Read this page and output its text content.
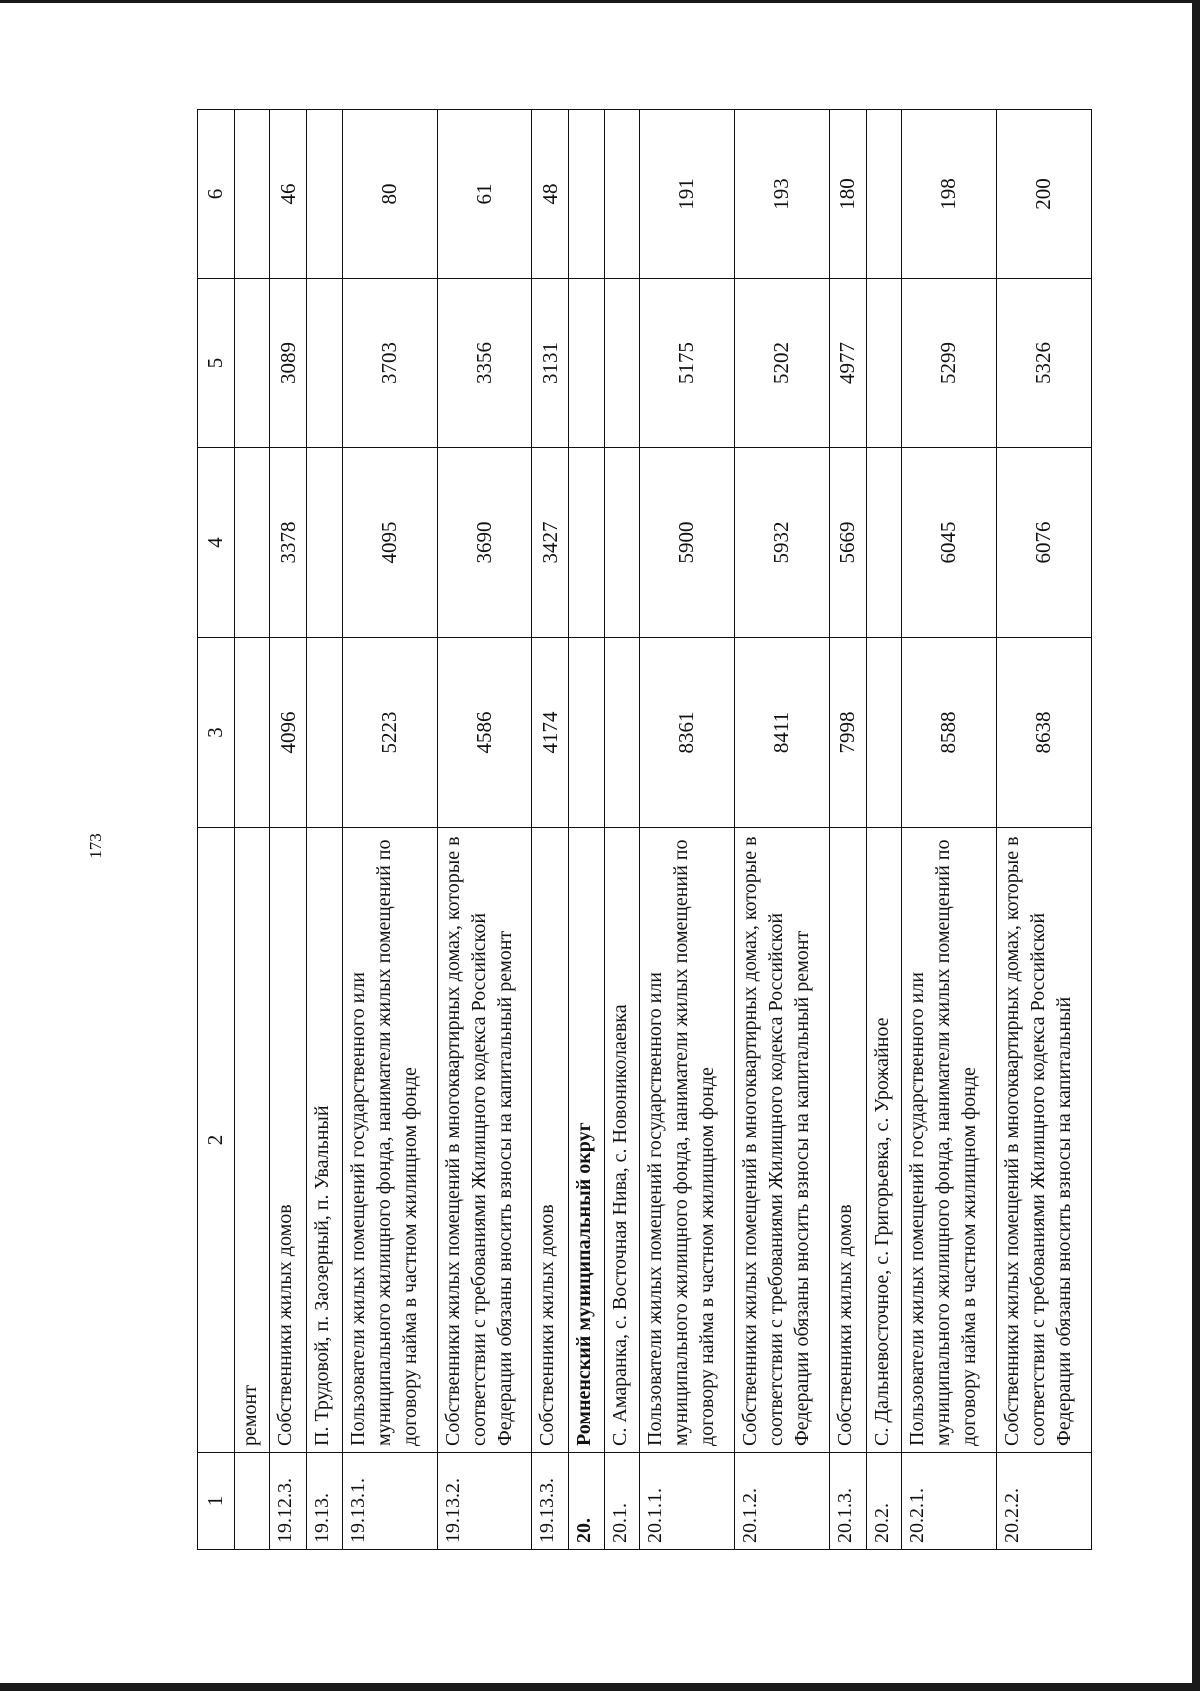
173
1	2	3	4	5	6
	ремонт				
19.12.3.	Собственники жилых домов	4096	3378	3089	46
19.13.	П. Трудовой, п. Заозерный, п. Увальный				
19.13.1.	Пользователи жилых помещений государственного или муниципального жилищного фонда, наниматели жилых помещений по договору найма в частном жилищном фонде	5223	4095	3703	80
19.13.2.	Собственники жилых помещений в многоквартирных домах, которые в соответствии с требованиями Жилищного кодекса Российской Федерации обязаны вносить взносы на капитальный ремонт	4586	3690	3356	61
19.13.3.	Собственники жилых домов	4174	3427	3131	48
20.	Ромненский муниципальный округ				
20.1.	С. Амаранка, с. Восточная Нива, с. Новониколаевка				
20.1.1.	Пользователи жилых помещений государственного или муниципального жилищного фонда, наниматели жилых помещений по договору найма в частном жилищном фонде	8361	5900	5175	191
20.1.2.	Собственники жилых помещений в многоквартирных домах, которые в соответствии с требованиями Жилищного кодекса Российской Федерации обязаны вносить взносы на капитальный ремонт	8411	5932	5202	193
20.1.3.	Собственники жилых домов	7998	5669	4977	180
20.2.	С. Дальневосточное, с. Григорьевка, с. Урожайное				
20.2.1.	Пользователи жилых помещений государственного или муниципального жилищного фонда, наниматели жилых помещений по договору найма в частном жилищном фонде	8588	6045	5299	198
20.2.2.	Собственники жилых помещений в многоквартирных домах, которые в соответствии с требованиями Жилищного кодекса Российской Федерации обязаны вносить взносы на капитальный	8638	6076	5326	200
